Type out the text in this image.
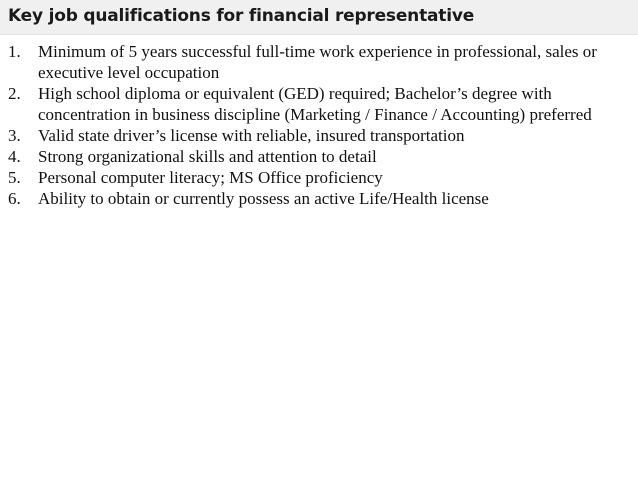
Key job qualifications for financial representative
1.	Minimum of 5 years successful full-time work experience in professional, sales or executive level occupation
2.	High school diploma or equivalent (GED) required; Bachelor’s degree with concentration in business discipline (Marketing / Finance / Accounting) preferred
3.	Valid state driver’s license with reliable, insured transportation
4.	Strong organizational skills and attention to detail
5.	Personal computer literacy; MS Office proficiency
6.	Ability to obtain or currently possess an active Life/Health license
